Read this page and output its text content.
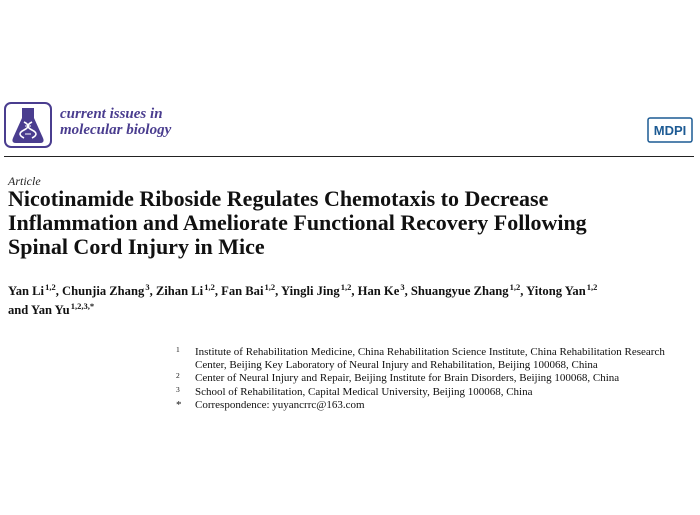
current issues in
molecular biology	MDPI
Article
Nicotinamide Riboside Regulates Chemotaxis to Decrease
Inflammation and Ameliorate Functional Recovery Following
Spinal Cord Injury in Mice
Yan Li $^{1,2}$, Chunjia Zhang $^3$, Zihan Li $^{1,2}$, Fan Bai $^{1,2}$, Yingli Jing $^{1,2}$, Han Ke $^3$, Shuangyue Zhang $^{1,2}$, Yitong Yan $^{1,2}$
and Yan Yu $^{1,2,3,*}$
1 Institute of Rehabilitation Medicine, China Rehabilitation Science Institute, China Rehabilitation Research
Center, Beijing Key Laboratory of Neural Injury and Rehabilitation, Beijing 100068, China
2 Center of Neural Injury and Repair, Beijing Institute for Brain Disorders, Beijing 100068, China
3 School of Rehabilitation, Capital Medical University, Beijing 100068, China
* Correspondence: yuyancrrc@163.com
